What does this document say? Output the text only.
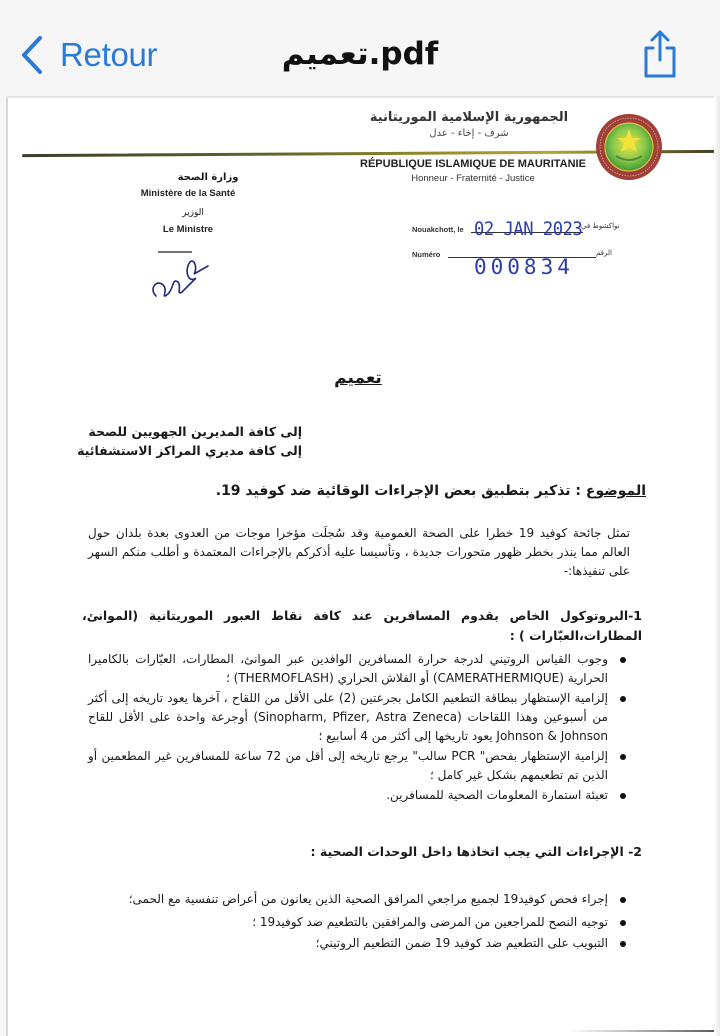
Retour	تعميم.pdf
الجمهورية الإسلامية الموريتانية
شرف - إخاء - عدل
RÉPUBLIQUE ISLAMIQUE DE MAURITANIE
Honneur - Fraternité - Justice
وزارة الصحة
Ministère de la Santé
الوزير
Le Ministre	Nouakchott, le 02 JAN 2023
نواكشوط في
Numéro
000834
الرقم
تعميم
إلى كافة المديرين الجهويين للصحة
إلى كافة مديري المراكز الاستشفائية
الموضوع : تذكير بتطبيق بعض الإجراءات الوقائية ضد كوفيد 19.
تمثل جائحة كوفيد 19 خطرا على الصحة العمومية وقد سُجلَت مؤخرا موجات من العدوى بعدة بلدان حول العالم مما ينذر بخطر ظهور متحورات جديدة ، وتأسيسا عليه أذكركم بالإجراءات المعتمدة و أطلب منكم السهر على تنفيذها:-
1-البروتوكول الخاص بقدوم المسافرين عند كافة نقاط العبور الموريتانية (الموانئ، المطارات،العبّارات ) :
وجوب القياس الروتيني لدرجة حرارة المسافرين الوافدين عبر الموانئ، المطارات، العبّارات بالكاميرا الحرارية (CAMERATHERMIQUE) أو الفلاش الحراري (THERMOFLASH) ؛
إلزامية الإستظهار ببطاقة التطعيم الكامل بجرعتين (2) على الأقل من اللقاح ، آخرها يعود تاريخه إلى أكثر من أسبوعين وهذا اللقاحات (Sinopharm, Pfizer, Astra Zeneca) أوجرعة واحدة على الأقل للقاح Johnson & Johnson يعود تاريخها إلى أكثر من 4 أسابيع ؛
إلزامية الإستظهار بفحص" PCR سالب" يرجع تاريخه إلى أقل من 72 ساعة للمسافرين غير المطعمين أو الذين تم تطعيمهم بشكل غير كامل ؛
تعبئة استمارة المعلومات الصحية للمسافرين.
2- الإجراءات التي يجب اتخاذها داخل الوحدات الصحية :
إجراء فحص كوفيد19 لجميع مراجعي المرافق الصحية الذين يعانون من أعراض تنفسية مع الحمى؛
توجيه النصح للمراجعين من المرضى والمرافقين بالتطعيم ضد كوفيد19 ؛
التبويب على التطعيم ضد كوفيد 19 ضمن التطعيم الروتيني؛
